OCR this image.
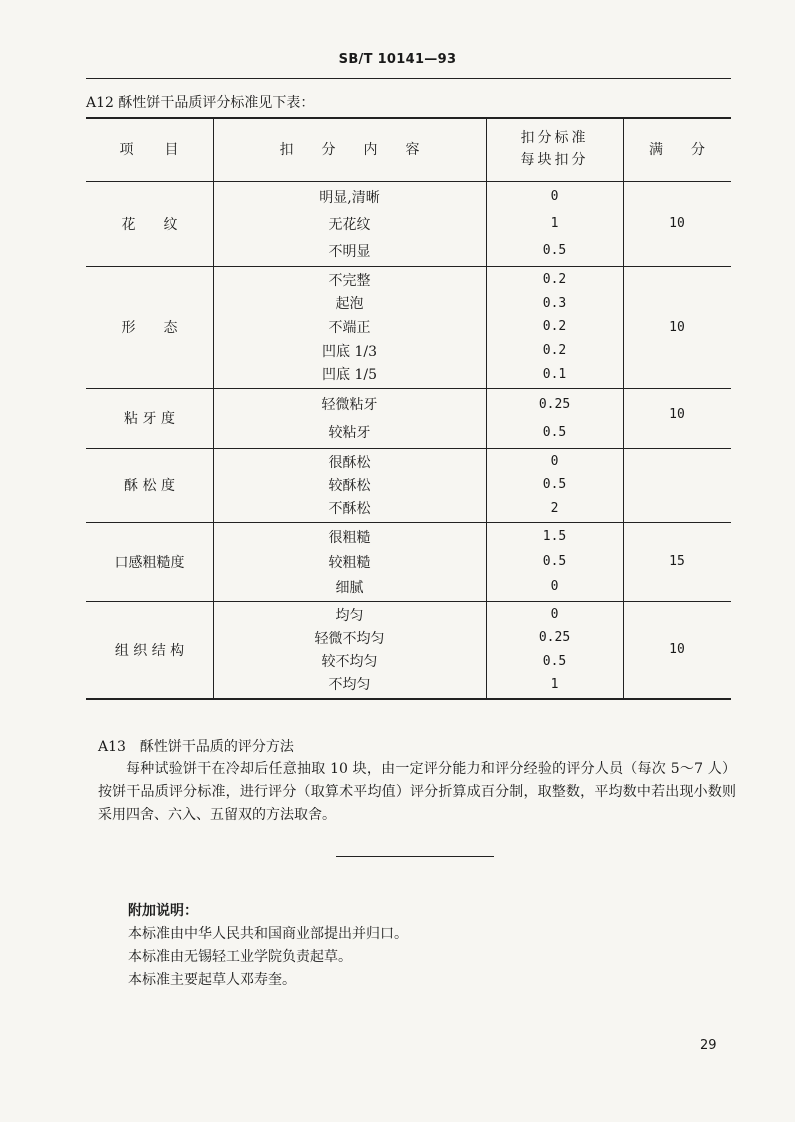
SB/T 10141—93
A12 酥性饼干品质评分标准见下表：
项　　目	扣　　分　　内　　容
扣分标准
每块扣分
满　　分
花　　纹
明显,清晰
无花纹
不明显
0
1
0.5
10
形　　态
不完整
起泡
不端正
凹底 1/3
凹底 1/5
0.2
0.3
0.2
0.2
0.1
10
粘 牙 度
轻微粘牙
较粘牙
0.25
0.5
10
酥 松 度
很酥松
较酥松
不酥松
0
0.5
2
口感粗糙度
很粗糙
较粗糙
细腻
1.5
0.5
0
15
组 织 结 构
均匀
轻微不均匀
较不均匀
不均匀
0
0.25
0.5
1
10
A13　酥性饼干品质的评分方法
每种试验饼干在冷却后任意抽取 10 块，由一定评分能力和评分经验的评分人员（每次 5～7 人）按饼干品质评分标准，进行评分（取算术平均值）评分折算成百分制，取整数，平均数中若出现小数则采用四舍、六入、五留双的方法取舍。
附加说明：
本标准由中华人民共和国商业部提出并归口。
本标准由无锡轻工业学院负责起草。
本标准主要起草人邓寿奎。
29
